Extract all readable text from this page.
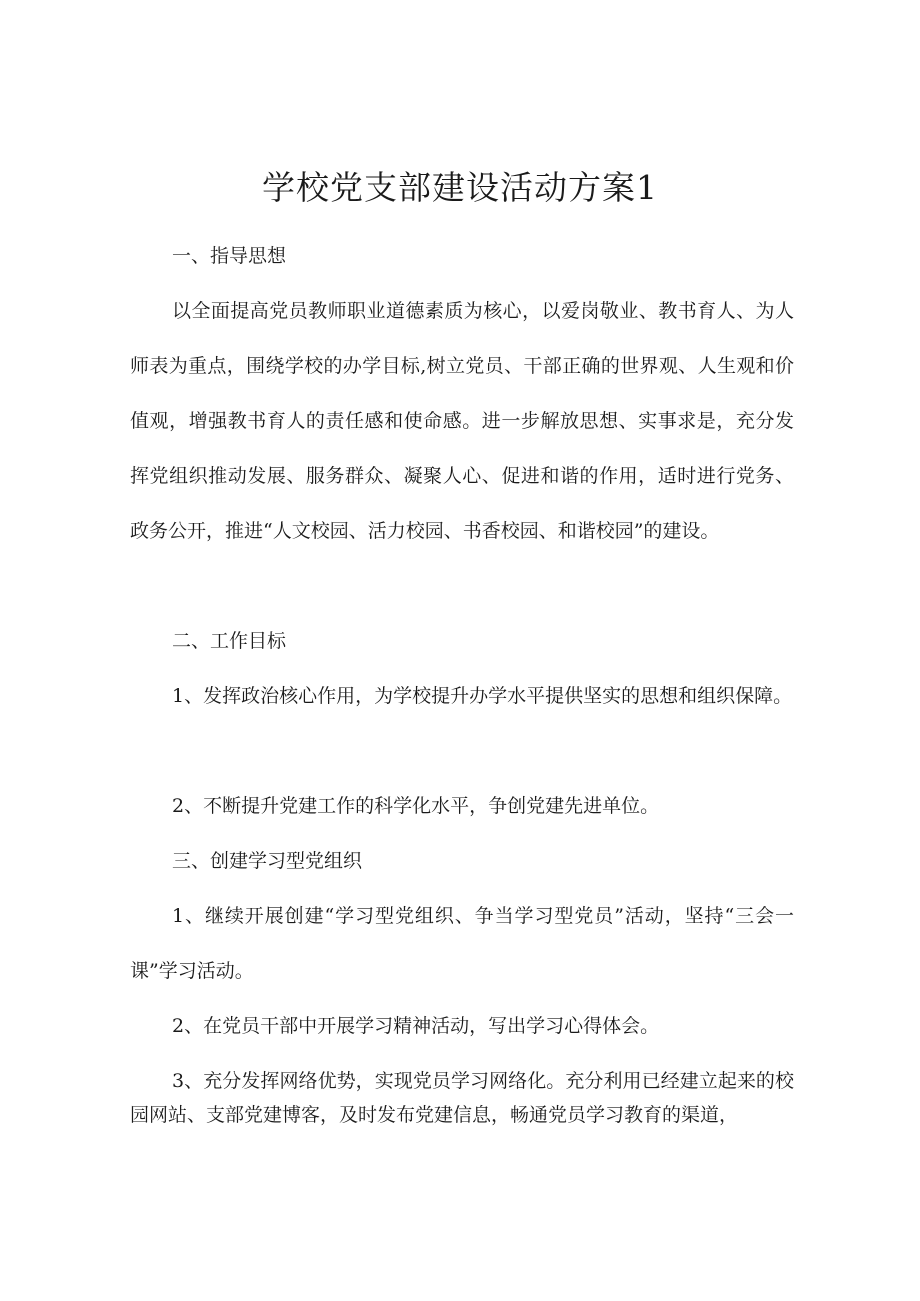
学校党支部建设活动方案1

一、指导思想

以全面提高党员教师职业道德素质为核心，以爱岗敬业、教书育人、为人师表为重点，围绕学校的办学目标,树立党员、干部正确的世界观、人生观和价值观，增强教书育人的责任感和使命感。进一步解放思想、实事求是，充分发挥党组织推动发展、服务群众、凝聚人心、促进和谐的作用，适时进行党务、政务公开，推进“人文校园、活力校园、书香校园、和谐校园”的建设。

二、工作目标

1、发挥政治核心作用，为学校提升办学水平提供坚实的思想和组织保障。

2、不断提升党建工作的科学化水平，争创党建先进单位。

三、创建学习型党组织

1、继续开展创建“学习型党组织、争当学习型党员”活动，坚持“三会一课”学习活动。

2、在党员干部中开展学习精神活动，写出学习心得体会。

3、充分发挥网络优势，实现党员学习网络化。充分利用已经建立起来的校园网站、支部党建博客，及时发布党建信息，畅通党员学习教育的渠道，
